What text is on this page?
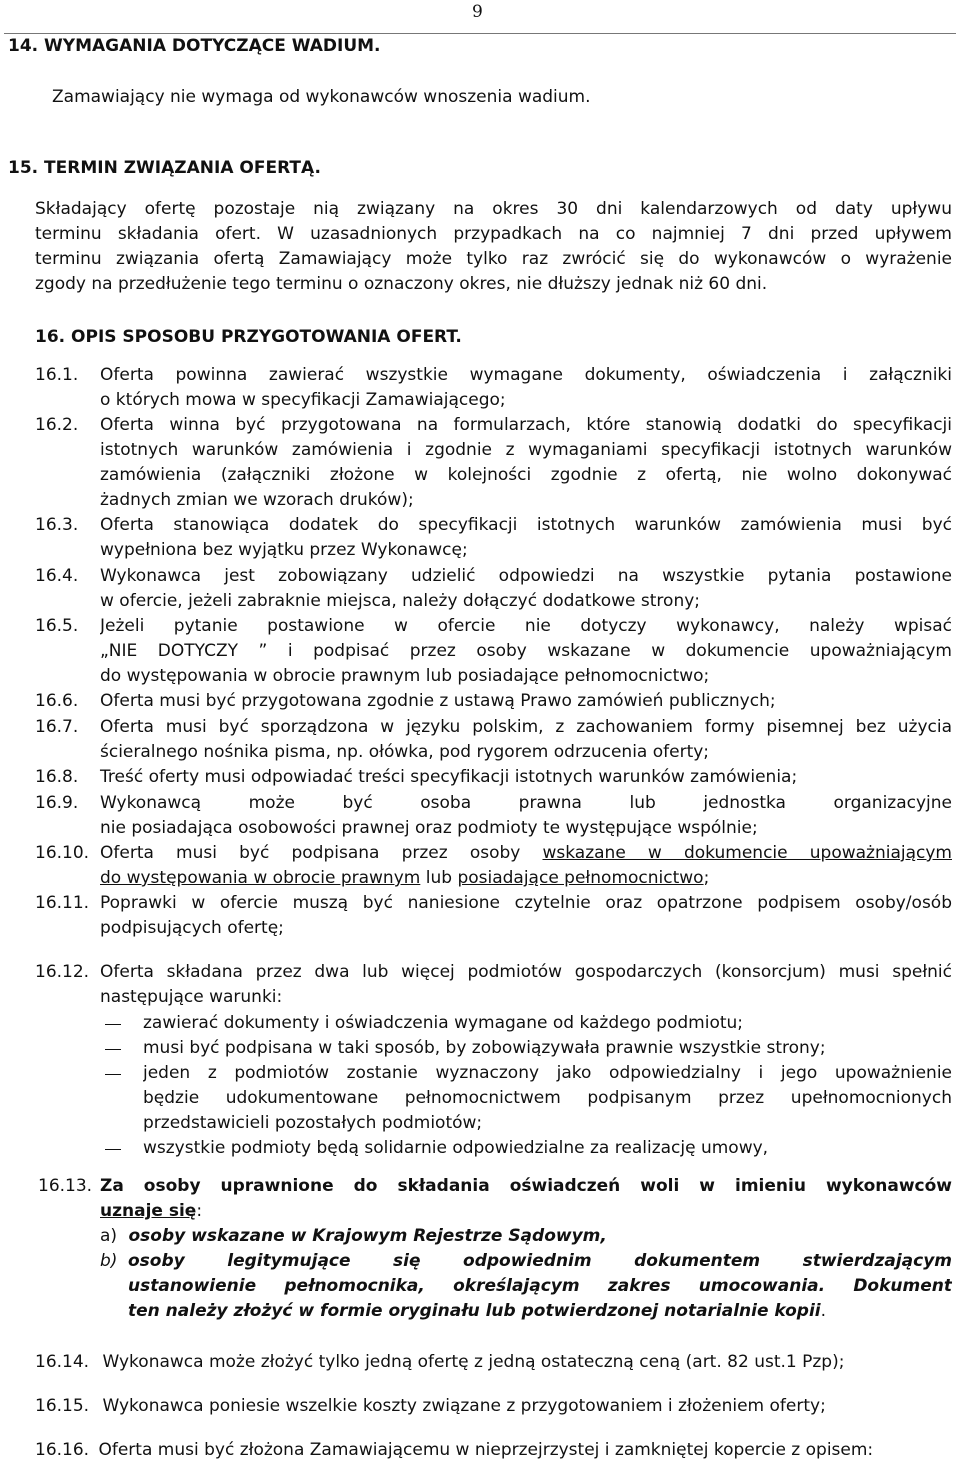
9
14. WYMAGANIA DOTYCZĄCE WADIUM.
Zamawiający nie wymaga od wykonawców wnoszenia wadium.
15. TERMIN ZWIĄZANIA OFERTĄ.
Składający ofertę pozostaje nią związany na okres 30 dni kalendarzowych od daty upływu
terminu składania ofert. W uzasadnionych przypadkach na co najmniej 7 dni przed upływem
terminu związania ofertą Zamawiający może tylko raz zwrócić się do wykonawców o wyrażenie
zgody na przedłużenie tego terminu o oznaczony okres, nie dłuższy jednak niż 60 dni.
16. OPIS SPOSOBU PRZYGOTOWANIA OFERT.
16.1. Oferta powinna zawierać wszystkie wymagane dokumenty, oświadczenia i załączniki
o których mowa w specyfikacji Zamawiającego;
16.2. Oferta winna być przygotowana na formularzach, które stanowią dodatki do specyfikacji
istotnych warunków zamówienia i zgodnie z wymaganiami specyfikacji istotnych warunków
zamówienia (załączniki złożone w kolejności zgodnie z ofertą, nie wolno dokonywać
żadnych zmian we wzorach druków);
16.3. Oferta stanowiąca dodatek do specyfikacji istotnych warunków zamówienia musi być
wypełniona bez wyjątku przez Wykonawcę;
16.4. Wykonawca jest zobowiązany udzielić odpowiedzi na wszystkie pytania postawione
w ofercie, jeżeli zabraknie miejsca, należy dołączyć dodatkowe strony;
16.5. Jeżeli pytanie postawione w ofercie nie dotyczy wykonawcy, należy wpisać
„NIE DOTYCZY ” i podpisać przez osoby wskazane w dokumencie upoważniającym
do występowania w obrocie prawnym lub posiadające pełnomocnictwo;
16.6. Oferta musi być przygotowana zgodnie z ustawą Prawo zamówień publicznych;
16.7. Oferta musi być sporządzona w języku polskim, z zachowaniem formy pisemnej bez użycia
ścieralnego nośnika pisma, np. ołówka, pod rygorem odrzucenia oferty;
16.8. Treść oferty musi odpowiadać treści specyfikacji istotnych warunków zamówienia;
16.9. Wykonawcą może być osoba prawna lub jednostka organizacyjne
nie posiadająca osobowości prawnej oraz podmioty te występujące wspólnie;
16.10. Oferta musi być podpisana przez osoby wskazane w dokumencie upoważniającym
do występowania w obrocie prawnym lub posiadające pełnomocnictwo;
16.11. Poprawki w ofercie muszą być naniesione czytelnie oraz opatrzone podpisem osoby/osób
podpisujących ofertę;
16.12. Oferta składana przez dwa lub więcej podmiotów gospodarczych (konsorcjum) musi spełnić
następujące warunki:
zawierać dokumenty i oświadczenia wymagane od każdego podmiotu;
musi być podpisana w taki sposób, by zobowiązywała prawnie wszystkie strony;
jeden z podmiotów zostanie wyznaczony jako odpowiedzialny i jego upoważnienie
będzie udokumentowane pełnomocnictwem podpisanym przez upełnomocnionych
przedstawicieli pozostałych podmiotów;
wszystkie podmioty będą solidarnie odpowiedzialne za realizację umowy,
16.13. Za osoby uprawnione do składania oświadczeń woli w imieniu wykonawców
uznaje się:
a) osoby wskazane w Krajowym Rejestrze Sądowym,
b) osoby legitymujące się odpowiednim dokumentem stwierdzającym
ustanowienie pełnomocnika, określającym zakres umocowania. Dokument
ten należy złożyć w formie oryginału lub potwierdzonej notarialnie kopii.
16.14. Wykonawca może złożyć tylko jedną ofertę z jedną ostateczną ceną (art. 82 ust.1 Pzp);
16.15. Wykonawca poniesie wszelkie koszty związane z przygotowaniem i złożeniem oferty;
16.16. Oferta musi być złożona Zamawiającemu w nieprzejrzystej i zamkniętej kopercie z opisem:
